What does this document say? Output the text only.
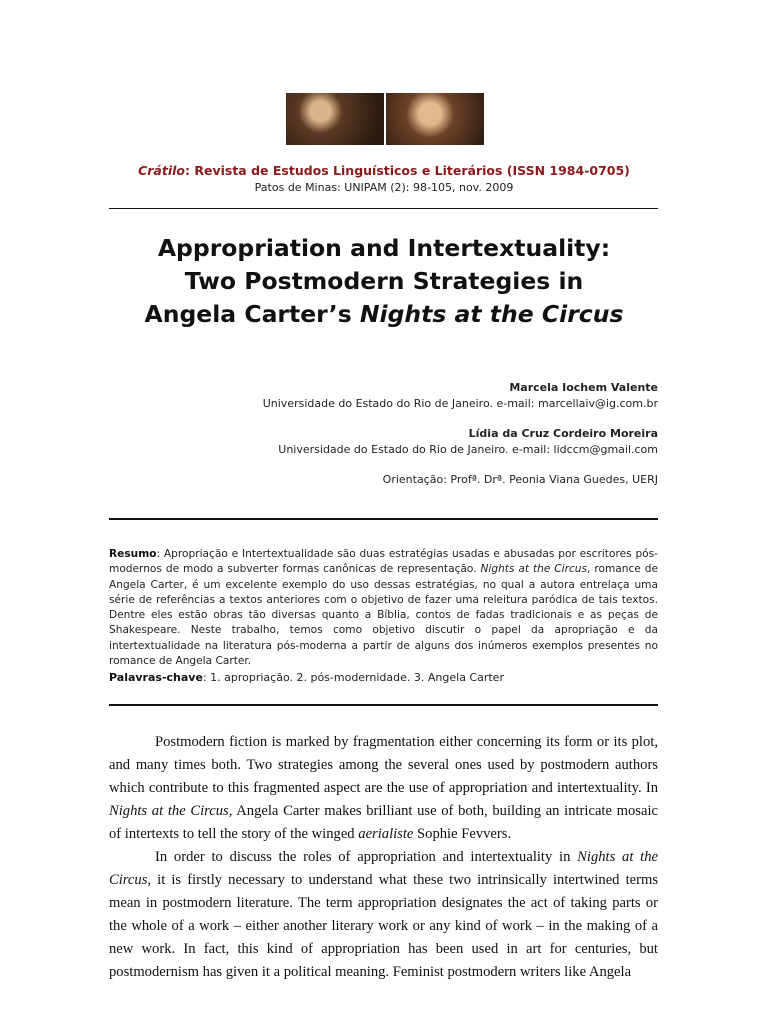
Crátilo: Revista de Estudos Linguísticos e Literários (ISSN 1984-0705)
Patos de Minas: UNIPAM (2): 98-105, nov. 2009
Appropriation and Intertextuality:
Two Postmodern Strategies in
Angela Carter’s Nights at the Circus
Marcela Iochem Valente
Universidade do Estado do Rio de Janeiro. e-mail: marcellaiv@ig.com.br
Lídia da Cruz Cordeiro Moreira
Universidade do Estado do Rio de Janeiro. e-mail: lidccm@gmail.com
Orientação: Profª. Drª. Peonia Viana Guedes, UERJ
Resumo: Apropriação e Intertextualidade são duas estratégias usadas e abusadas por escritores pós-modernos de modo a subverter formas canônicas de representação. Nights at the Circus, romance de Angela Carter, é um excelente exemplo do uso dessas estratégias, no qual a autora entrelaça uma série de referências a textos anteriores com o objetivo de fazer uma releitura paródica de tais textos. Dentre eles estão obras tão diversas quanto a Bíblia, contos de fadas tradicionais e as peças de Shakespeare. Neste trabalho, temos como objetivo discutir o papel da apropriação e da intertextualidade na literatura pós-moderna a partir de alguns dos inúmeros exemplos presentes no romance de Angela Carter.
Palavras-chave: 1. apropriação. 2. pós-modernidade. 3. Angela Carter

Postmodern fiction is marked by fragmentation either concerning its form or its plot, and many times both. Two strategies among the several ones used by postmodern authors which contribute to this fragmented aspect are the use of appropriation and intertextuality. In Nights at the Circus, Angela Carter makes brilliant use of both, building an intricate mosaic of intertexts to tell the story of the winged aerialiste Sophie Fevvers.

In order to discuss the roles of appropriation and intertextuality in Nights at the Circus, it is firstly necessary to understand what these two intrinsically intertwined terms mean in postmodern literature. The term appropriation designates the act of taking parts or the whole of a work – either another literary work or any kind of work – in the making of a new work. In fact, this kind of appropriation has been used in art for centuries, but postmodernism has given it a political meaning. Feminist postmodern writers like Angela
